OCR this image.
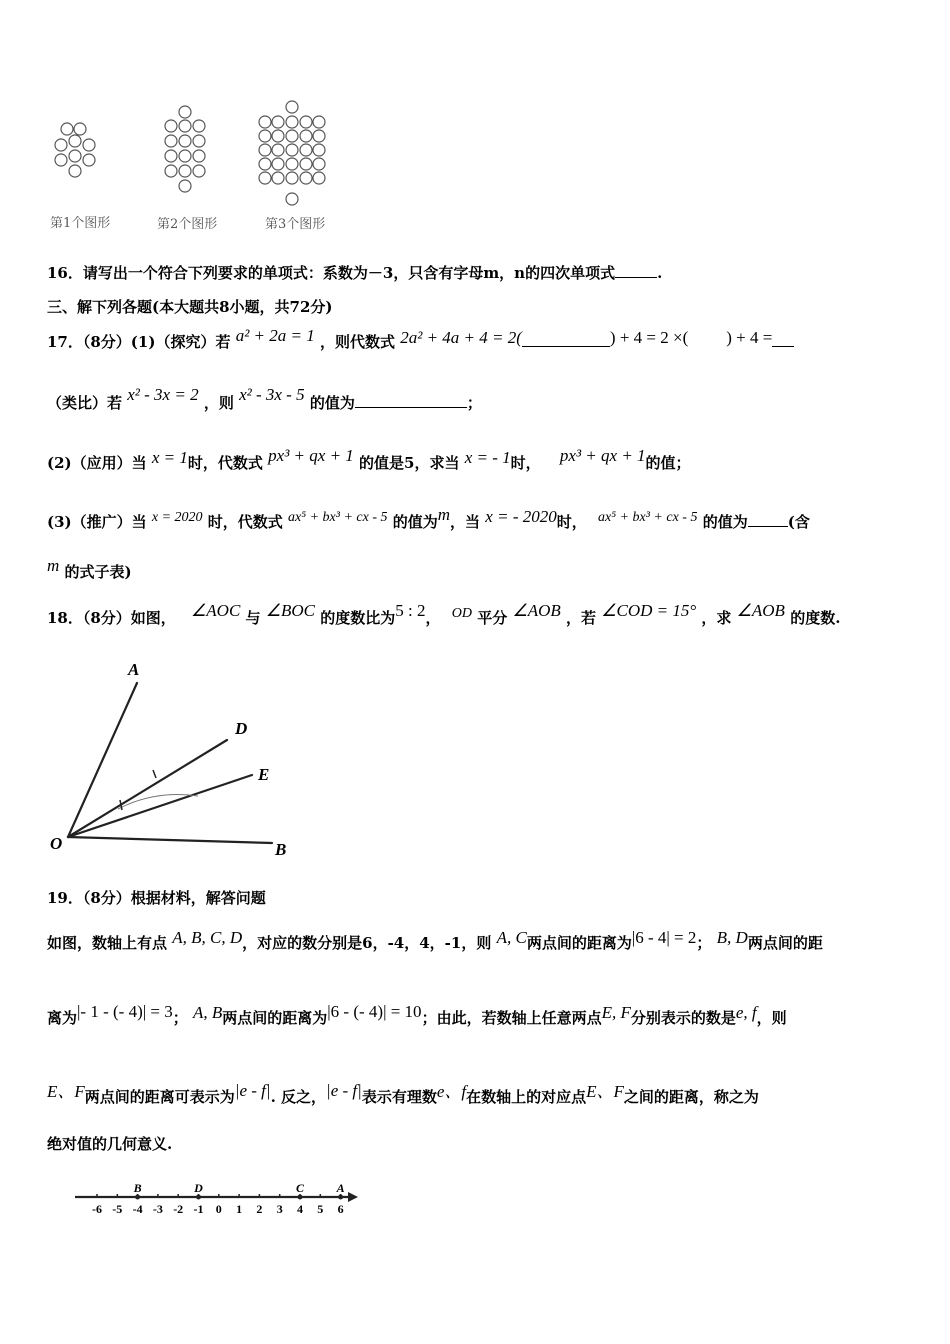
第1个图形	第2个图形	第3个图形
16．请写出一个符合下列要求的单项式：系数为－3，只含有字母m，n的四次单项式	.
三、解下列各题(本大题共8小题，共72分)
17．（8分）(1)（探究）若 a² + 2a = 1 ，则代数式 2a² + 4a + 4 = 2(	) + 4 = 2 ×( ) + 4 =
（类比）若 x² - 3x = 2 ，则 x² - 3x - 5 的值为	；
(2)（应用）当 x = 1时，代数式 px³ + qx + 1 的值是5，求当 x = - 1时， px³ + qx + 1的值；
(3)（推广）当 x = 2020 时，代数式 ax⁵ + bx³ + cx - 5 的值为m，当 x = - 2020时， ax⁵ + bx³ + cx - 5 的值为	(含
m 的式子表)
18．（8分）如图， ∠AOC 与 ∠BOC 的度数比为5 : 2， OD 平分 ∠AOB ，若 ∠COD = 15° ，求 ∠AOB 的度数.
A
D
E
O	B
19．（8分）根据材料，解答问题
如图，数轴上有点 A, B, C, D，对应的数分别是6，-4，4，-1，则 A, C两点间的距离为|6 - 4| = 2； B, D两点间的距
离为|- 1 - (- 4)| = 3； A, B两点间的距离为|6 - (- 4)| = 10；由此，若数轴上任意两点E, F分别表示的数是e, f，则
E、F两点间的距离可表示为|e - f|. 反之，|e - f|表示有理数e、f在数轴上的对应点E、F之间的距离，称之为
绝对值的几何意义.
-6 -5 -4 -3 -2 -1 0 1 2 3 4 5 6
B	D	C	A
